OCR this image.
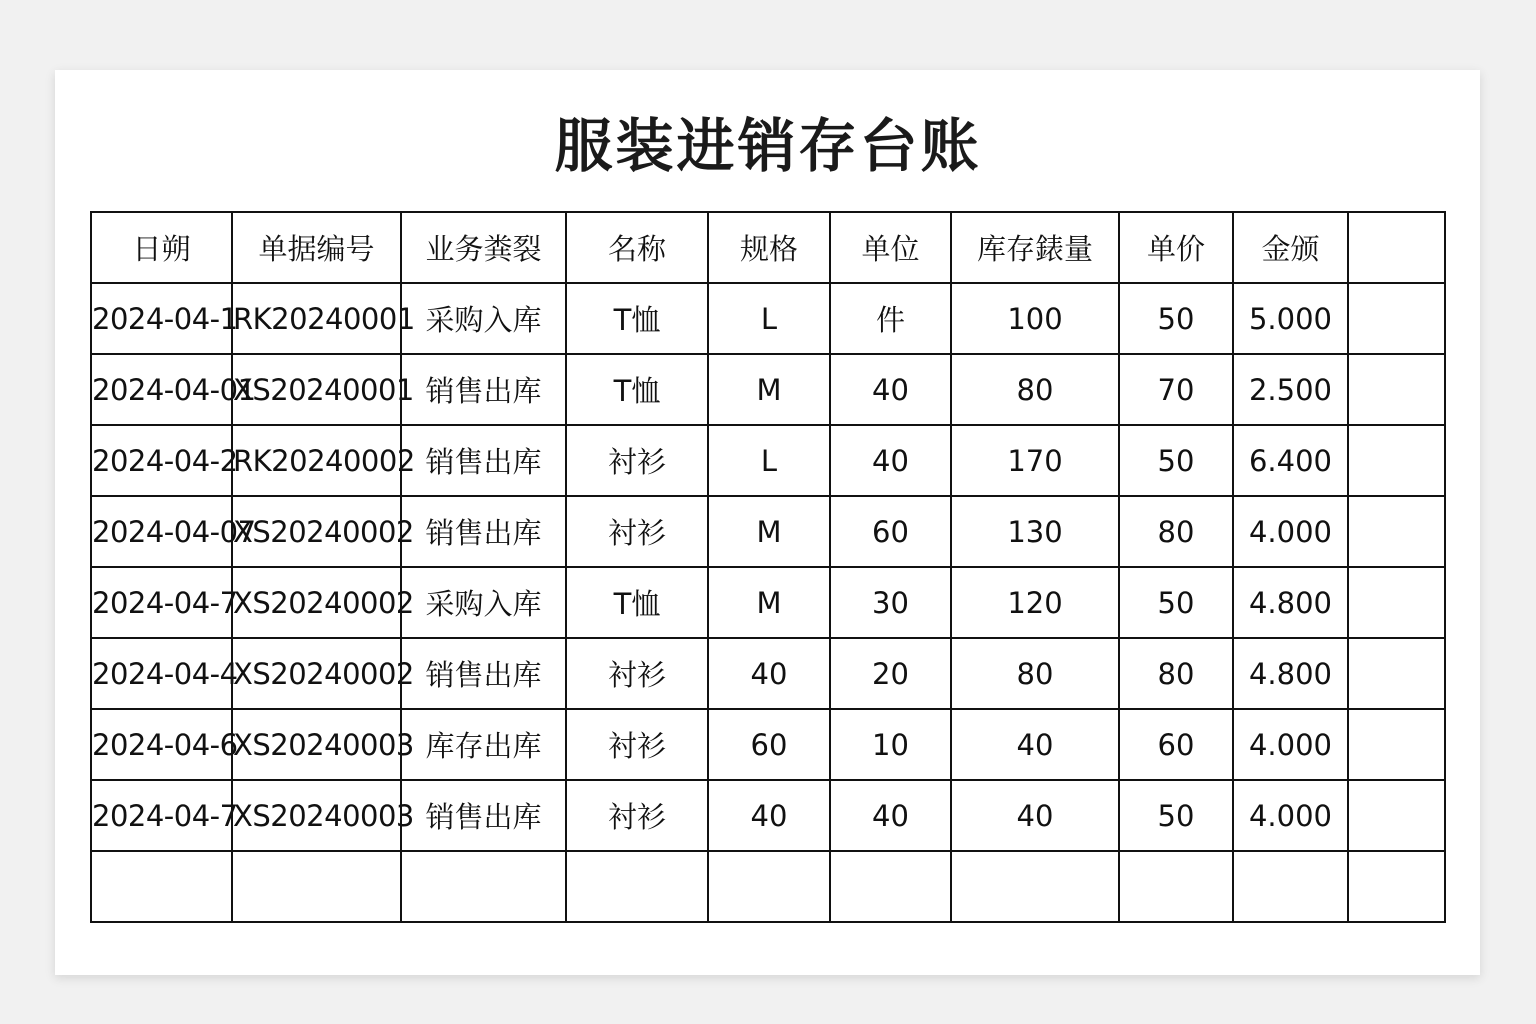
服装进销存台账
日朔	单据编号	业务粪裂	名称	规格	单位	库存錶量	单价	金颁	
2024-04-1	RK20240001	采购入库	T恤	L	件	100	50	5.000	
2024-04-01	XS20240001	销售出库	T恤	M	40	80	70	2.500	
2024-04-2	RK20240002	销售出库	衬衫	L	40	170	50	6.400	
2024-04-07	XS20240002	销售出库	衬衫	M	60	130	80	4.000	
2024-04-7	XS20240002	采购入库	T恤	M	30	120	50	4.800	
2024-04-4	XS20240002	销售出库	衬衫	40	20	80	80	4.800	
2024-04-6	XS20240003	库存出库	衬衫	60	10	40	60	4.000	
2024-04-7	XS20240003	销售出库	衬衫	40	40	40	50	4.000	
